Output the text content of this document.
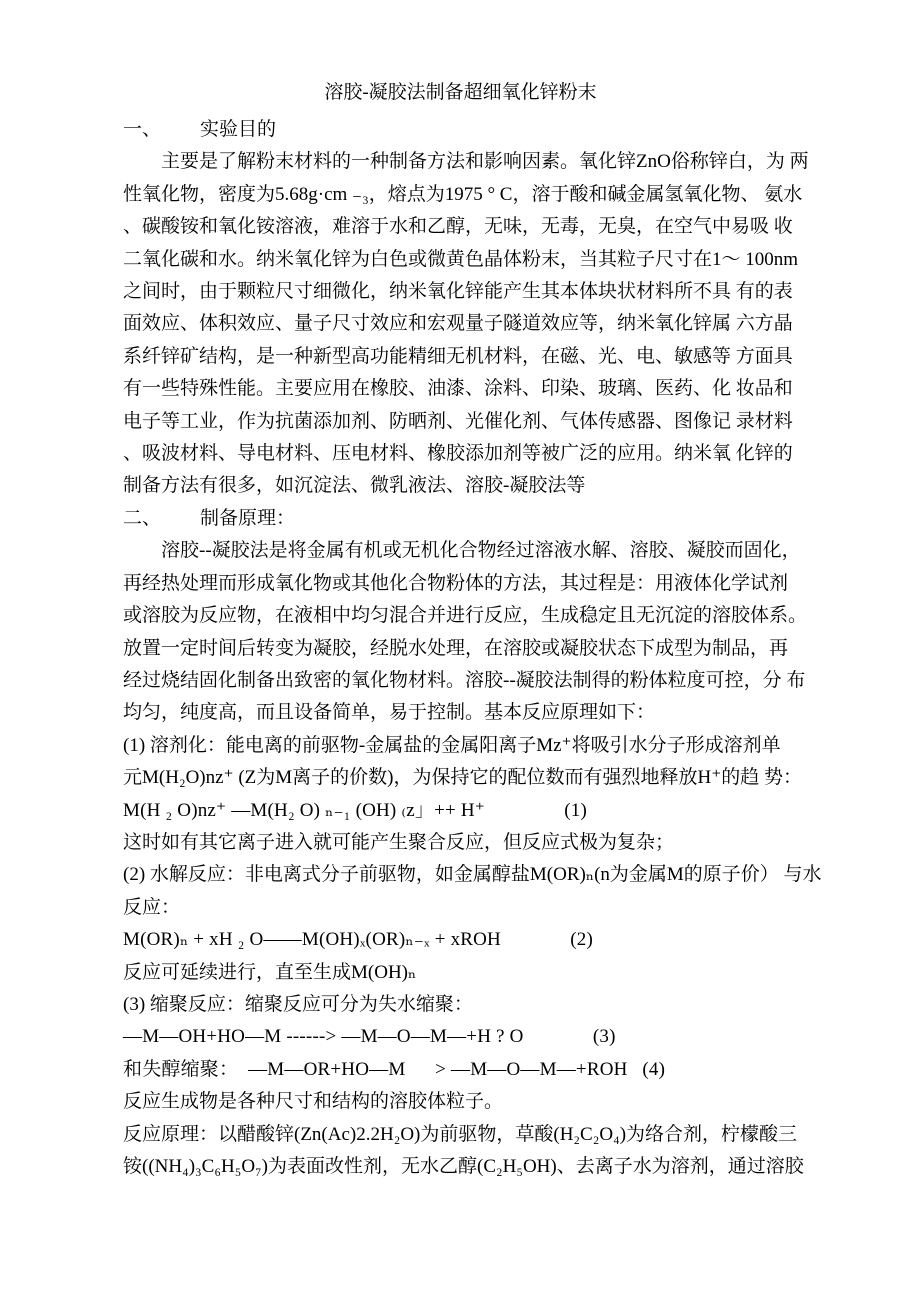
溶胶-凝胶法制备超细氧化锌粉末
一、 实验目的
主要是了解粉末材料的一种制备方法和影响因素。氧化锌ZnO俗称锌白，为 两
性氧化物，密度为5.68g·cm ₋₃，熔点为1975 ° C，溶于酸和碱金属氢氧化物、 氨水
、碳酸铵和氧化铵溶液，难溶于水和乙醇，无味，无毒，无臭，在空气中易吸 收
二氧化碳和水。纳米氧化锌为白色或微黄色晶体粉末，当其粒子尺寸在1〜 100nm
之间时，由于颗粒尺寸细微化，纳米氧化锌能产生其本体块状材料所不具 有的表
面效应、体积效应、量子尺寸效应和宏观量子隧道效应等，纳米氧化锌属 六方晶
系纤锌矿结构，是一种新型高功能精细无机材料，在磁、光、电、敏感等 方面具
有一些特殊性能。主要应用在橡胶、油漆、涂料、印染、玻璃、医药、化 妆品和
电子等工业，作为抗菌添加剂、防晒剂、光催化剂、气体传感器、图像记 录材料
、吸波材料、导电材料、压电材料、橡胶添加剂等被广泛的应用。纳米氧 化锌的
制备方法有很多，如沉淀法、微乳液法、溶胶-凝胶法等
二、 制备原理：
溶胶--凝胶法是将金属有机或无机化合物经过溶液水解、溶胶、凝胶而固化，
再经热处理而形成氧化物或其他化合物粉体的方法，其过程是：用液体化学试剂
或溶胶为反应物，在液相中均匀混合并进行反应，生成稳定且无沉淀的溶胶体系。
放置一定时间后转变为凝胶，经脱水处理，在溶胶或凝胶状态下成型为制品，再
经过烧结固化制备出致密的氧化物材料。溶胶--凝胶法制得的粉体粒度可控，分 布
均匀，纯度高，而且设备简单，易于控制。基本反应原理如下：
(1) 溶剂化：能电离的前驱物-金属盐的金属阳离子Mz⁺将吸引水分子形成溶剂单
元M(H₂O)nz⁺ (Z为M离子的价数)，为保持它的配位数而有强烈地释放H⁺的趋 势：
M(H ₂ O)nz⁺ —M(H₂ O) ₙ₋₁ (OH) ₍z」++ H⁺                (1)
这时如有其它离子进入就可能产生聚合反应，但反应式极为复杂；
(2) 水解反应：非电离式分子前驱物，如金属醇盐M(OR)ₙ(n为金属M的原子价） 与水
反应：
M(OR)ₙ + xH ₂ O——M(OH)ₓ(OR)ₙ₋ₓ + xROH              (2)
反应可延续进行，直至生成M(OH)ₙ
(3) 缩聚反应：缩聚反应可分为失水缩聚：
—M—OH+HO—M ------> —M—O—M—+H ? O              (3)
和失醇缩聚：  —M—OR+HO—M      > —M—O—M—+ROH   (4)
反应生成物是各种尺寸和结构的溶胶体粒子。
反应原理：以醋酸锌(Zn(Ac)2.2H₂O)为前驱物，草酸(H₂C₂O₄)为络合剂，柠檬酸三
铵((NH₄)₃C₆H₅O₇)为表面改性剂，无水乙醇(C₂H₅OH)、去离子水为溶剂，通过溶胶
